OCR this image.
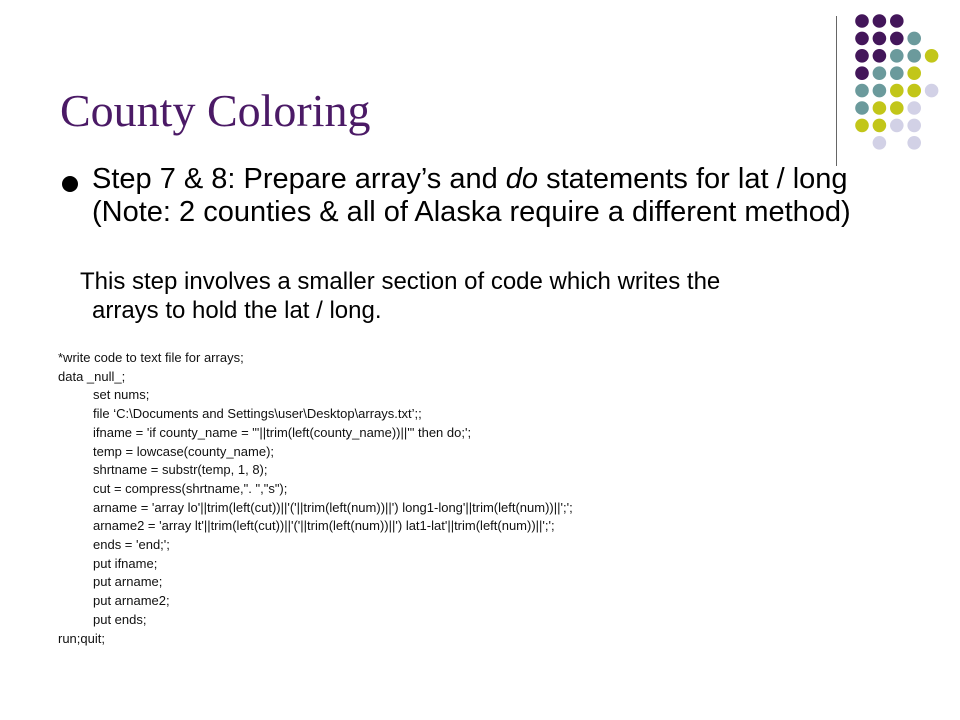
County Coloring
Step 7 & 8: Prepare array’s and do statements for lat / long (Note: 2 counties & all of Alaska require a different method)
This step involves a smaller section of code which writes the
arrays to hold the lat / long.
*write code to text file for arrays;
data _null_;
set nums;
file ‘C:\Documents and Settings\user\Desktop\arrays.txt’;;
ifname = 'if county_name = "'||trim(left(county_name))||'" then do;';
temp = lowcase(county_name);
shrtname = substr(temp, 1, 8);
cut = compress(shrtname,". ","s");
arname = 'array lo'||trim(left(cut))||'('||trim(left(num))||') long1-long'||trim(left(num))||';';
arname2 = 'array lt'||trim(left(cut))||'('||trim(left(num))||') lat1-lat'||trim(left(num))||';';
ends = 'end;';
put ifname;
put arname;
put arname2;
put ends;
run;quit;
